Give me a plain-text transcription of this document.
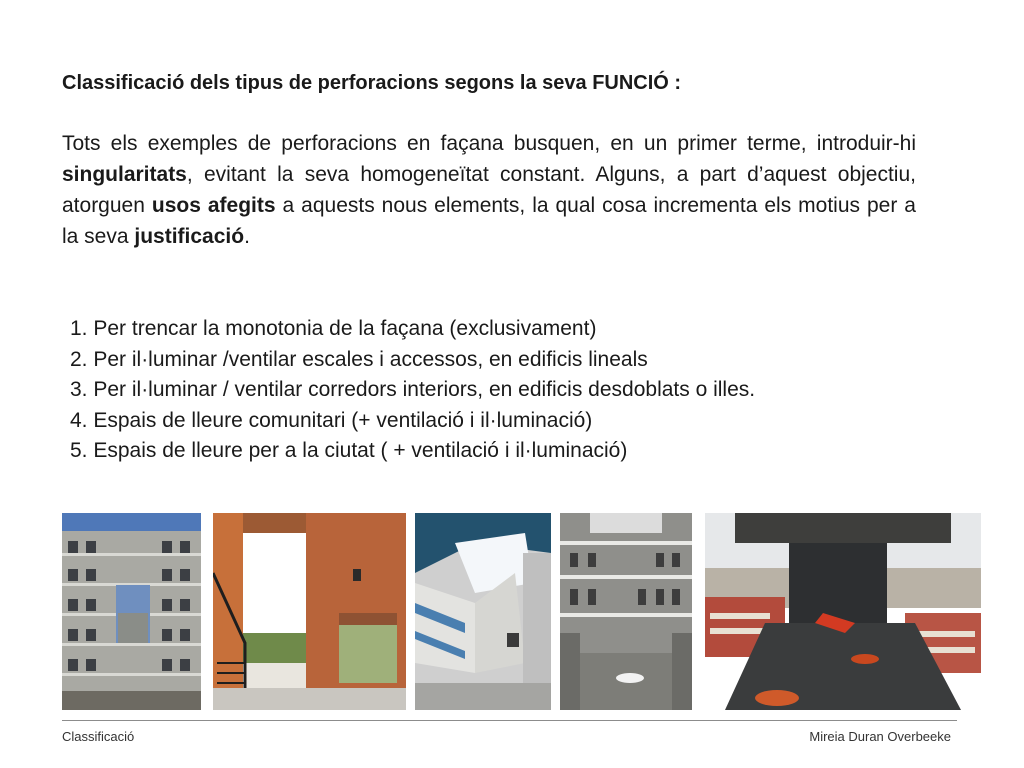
Classificació dels tipus de perforacions segons la seva FUNCIÓ :

Tots els exemples de perforacions en façana busquen, en un primer terme, introduir-hi singularitats, evitant la seva homogeneïtat constant. Alguns, a part d’aquest objectiu, atorguen usos afegits a aquests nous elements, la qual cosa incrementa els motius per a la seva justificació.

1. Per trencar la monotonia de la façana (exclusivament)
2. Per il·luminar /ventilar escales i accessos, en edificis lineals
3. Per il·luminar / ventilar corredors interiors, en edificis desdoblats o illes.
4. Espais de lleure comunitari (+ ventilació i il·luminació)
5. Espais de lleure per a la ciutat ( + ventilació i il·luminació)
Classificació	Mireia Duran Overbeeke
